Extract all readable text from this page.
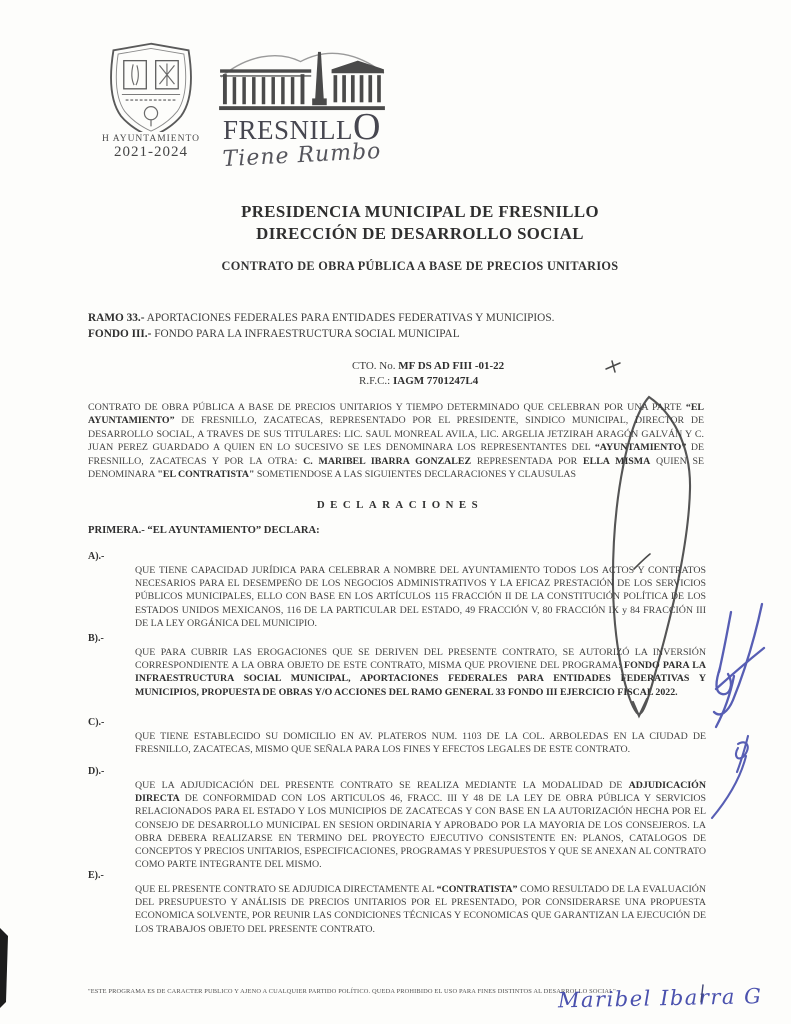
H AYUNTAMIENTO
2021-2024
FRESNILLO
Tiene Rumbo
PRESIDENCIA MUNICIPAL DE FRESNILLO
DIRECCIÓN DE DESARROLLO SOCIAL
CONTRATO DE OBRA PÚBLICA A BASE DE PRECIOS UNITARIOS
RAMO 33.- APORTACIONES FEDERALES PARA ENTIDADES FEDERATIVAS Y MUNICIPIOS.
FONDO III.- FONDO PARA LA INFRAESTRUCTURA SOCIAL MUNICIPAL
CTO. No. MF DS AD FIII -01-22
R.F.C.: IAGM 7701247L4
CONTRATO DE OBRA PÚBLICA A BASE DE PRECIOS UNITARIOS Y TIEMPO DETERMINADO QUE CELEBRAN POR UNA PARTE “EL AYUNTAMIENTO” DE FRESNILLO, ZACATECAS, REPRESENTADO POR EL PRESIDENTE, SINDICO MUNICIPAL, DIRECTOR DE DESARROLLO SOCIAL, A TRAVES DE SUS TITULARES: LIC. SAUL MONREAL AVILA, LIC. ARGELIA JETZIRAH ARAGÓN GALVÁN Y C. JUAN PEREZ GUARDADO A QUIEN EN LO SUCESIVO SE LES DENOMINARA LOS REPRESENTANTES DEL “AYUNTAMIENTO” DE FRESNILLO, ZACATECAS Y POR LA OTRA: C. MARIBEL IBARRA GONZALEZ REPRESENTADA POR ELLA MISMA QUIEN SE DENOMINARA "EL CONTRATISTA" SOMETIENDOSE A LAS SIGUIENTES DECLARACIONES Y CLAUSULAS
DECLARACIONES
PRIMERA.- “EL AYUNTAMIENTO” DECLARA:
A).-
QUE TIENE CAPACIDAD JURÍDICA PARA CELEBRAR A NOMBRE DEL AYUNTAMIENTO TODOS LOS ACTOS Y CONTRATOS NECESARIOS PARA EL DESEMPEÑO DE LOS NEGOCIOS ADMINISTRATIVOS Y LA EFICAZ PRESTACIÓN DE LOS SERVICIOS PÚBLICOS MUNICIPALES, ELLO CON BASE EN LOS ARTÍCULOS 115 FRACCIÓN II DE LA CONSTITUCIÓN POLÍTICA DE LOS ESTADOS UNIDOS MEXICANOS, 116 DE LA PARTICULAR DEL ESTADO, 49 FRACCIÓN V, 80 FRACCIÓN IX y 84 FRACCIÓN III DE LA LEY ORGÁNICA DEL MUNICIPIO.
B).-
QUE PARA CUBRIR LAS EROGACIONES QUE SE DERIVEN DEL PRESENTE CONTRATO, SE AUTORIZÓ LA INVERSIÓN CORRESPONDIENTE A LA OBRA OBJETO DE ESTE CONTRATO, MISMA QUE PROVIENE DEL PROGRAMA: FONDO PARA LA INFRAESTRUCTURA SOCIAL MUNICIPAL, APORTACIONES FEDERALES PARA ENTIDADES FEDERATIVAS Y MUNICIPIOS, PROPUESTA DE OBRAS Y/O ACCIONES DEL RAMO GENERAL 33 FONDO III EJERCICIO FISCAL 2022.
C).-
QUE TIENE ESTABLECIDO SU DOMICILIO EN AV. PLATEROS NUM. 1103 DE LA COL. ARBOLEDAS EN LA CIUDAD DE FRESNILLO, ZACATECAS, MISMO QUE SEÑALA PARA LOS FINES Y EFECTOS LEGALES DE ESTE CONTRATO.
D).-
QUE LA ADJUDICACIÓN DEL PRESENTE CONTRATO SE REALIZA MEDIANTE LA MODALIDAD DE ADJUDICACIÓN DIRECTA DE CONFORMIDAD CON LOS ARTICULOS 46, FRACC. III Y 48 DE LA LEY DE OBRA PÚBLICA Y SERVICIOS RELACIONADOS PARA EL ESTADO Y LOS MUNICIPIOS DE ZACATECAS Y CON BASE EN LA AUTORIZACIÓN HECHA POR EL CONSEJO DE DESARROLLO MUNICIPAL EN SESION ORDINARIA Y APROBADO POR LA MAYORIA DE LOS CONSEJEROS. LA OBRA DEBERA REALIZARSE EN TERMINO DEL PROYECTO EJECUTIVO CONSISTENTE EN: PLANOS, CATALOGOS DE CONCEPTOS Y PRECIOS UNITARIOS, ESPECIFICACIONES, PROGRAMAS Y PRESUPUESTOS Y QUE SE ANEXAN AL CONTRATO COMO PARTE INTEGRANTE DEL MISMO.
E).-
QUE EL PRESENTE CONTRATO SE ADJUDICA DIRECTAMENTE AL “CONTRATISTA” COMO RESULTADO DE LA EVALUACIÓN DEL PRESUPUESTO Y ANÁLISIS DE PRECIOS UNITARIOS POR EL PRESENTADO, POR CONSIDERARSE UNA PROPUESTA ECONOMICA SOLVENTE, POR REUNIR LAS CONDICIONES TÉCNICAS Y ECONOMICAS QUE GARANTIZAN LA EJECUCIÓN DE LOS TRABAJOS OBJETO DEL PRESENTE CONTRATO.
"ESTE PROGRAMA ES DE CARACTER PUBLICO Y AJENO A CUALQUIER PARTIDO POLÍTICO. QUEDA PROHIBIDO EL USO PARA FINES DISTINTOS AL DESARROLLO SOCIAL"
Maribel Ibarra G
